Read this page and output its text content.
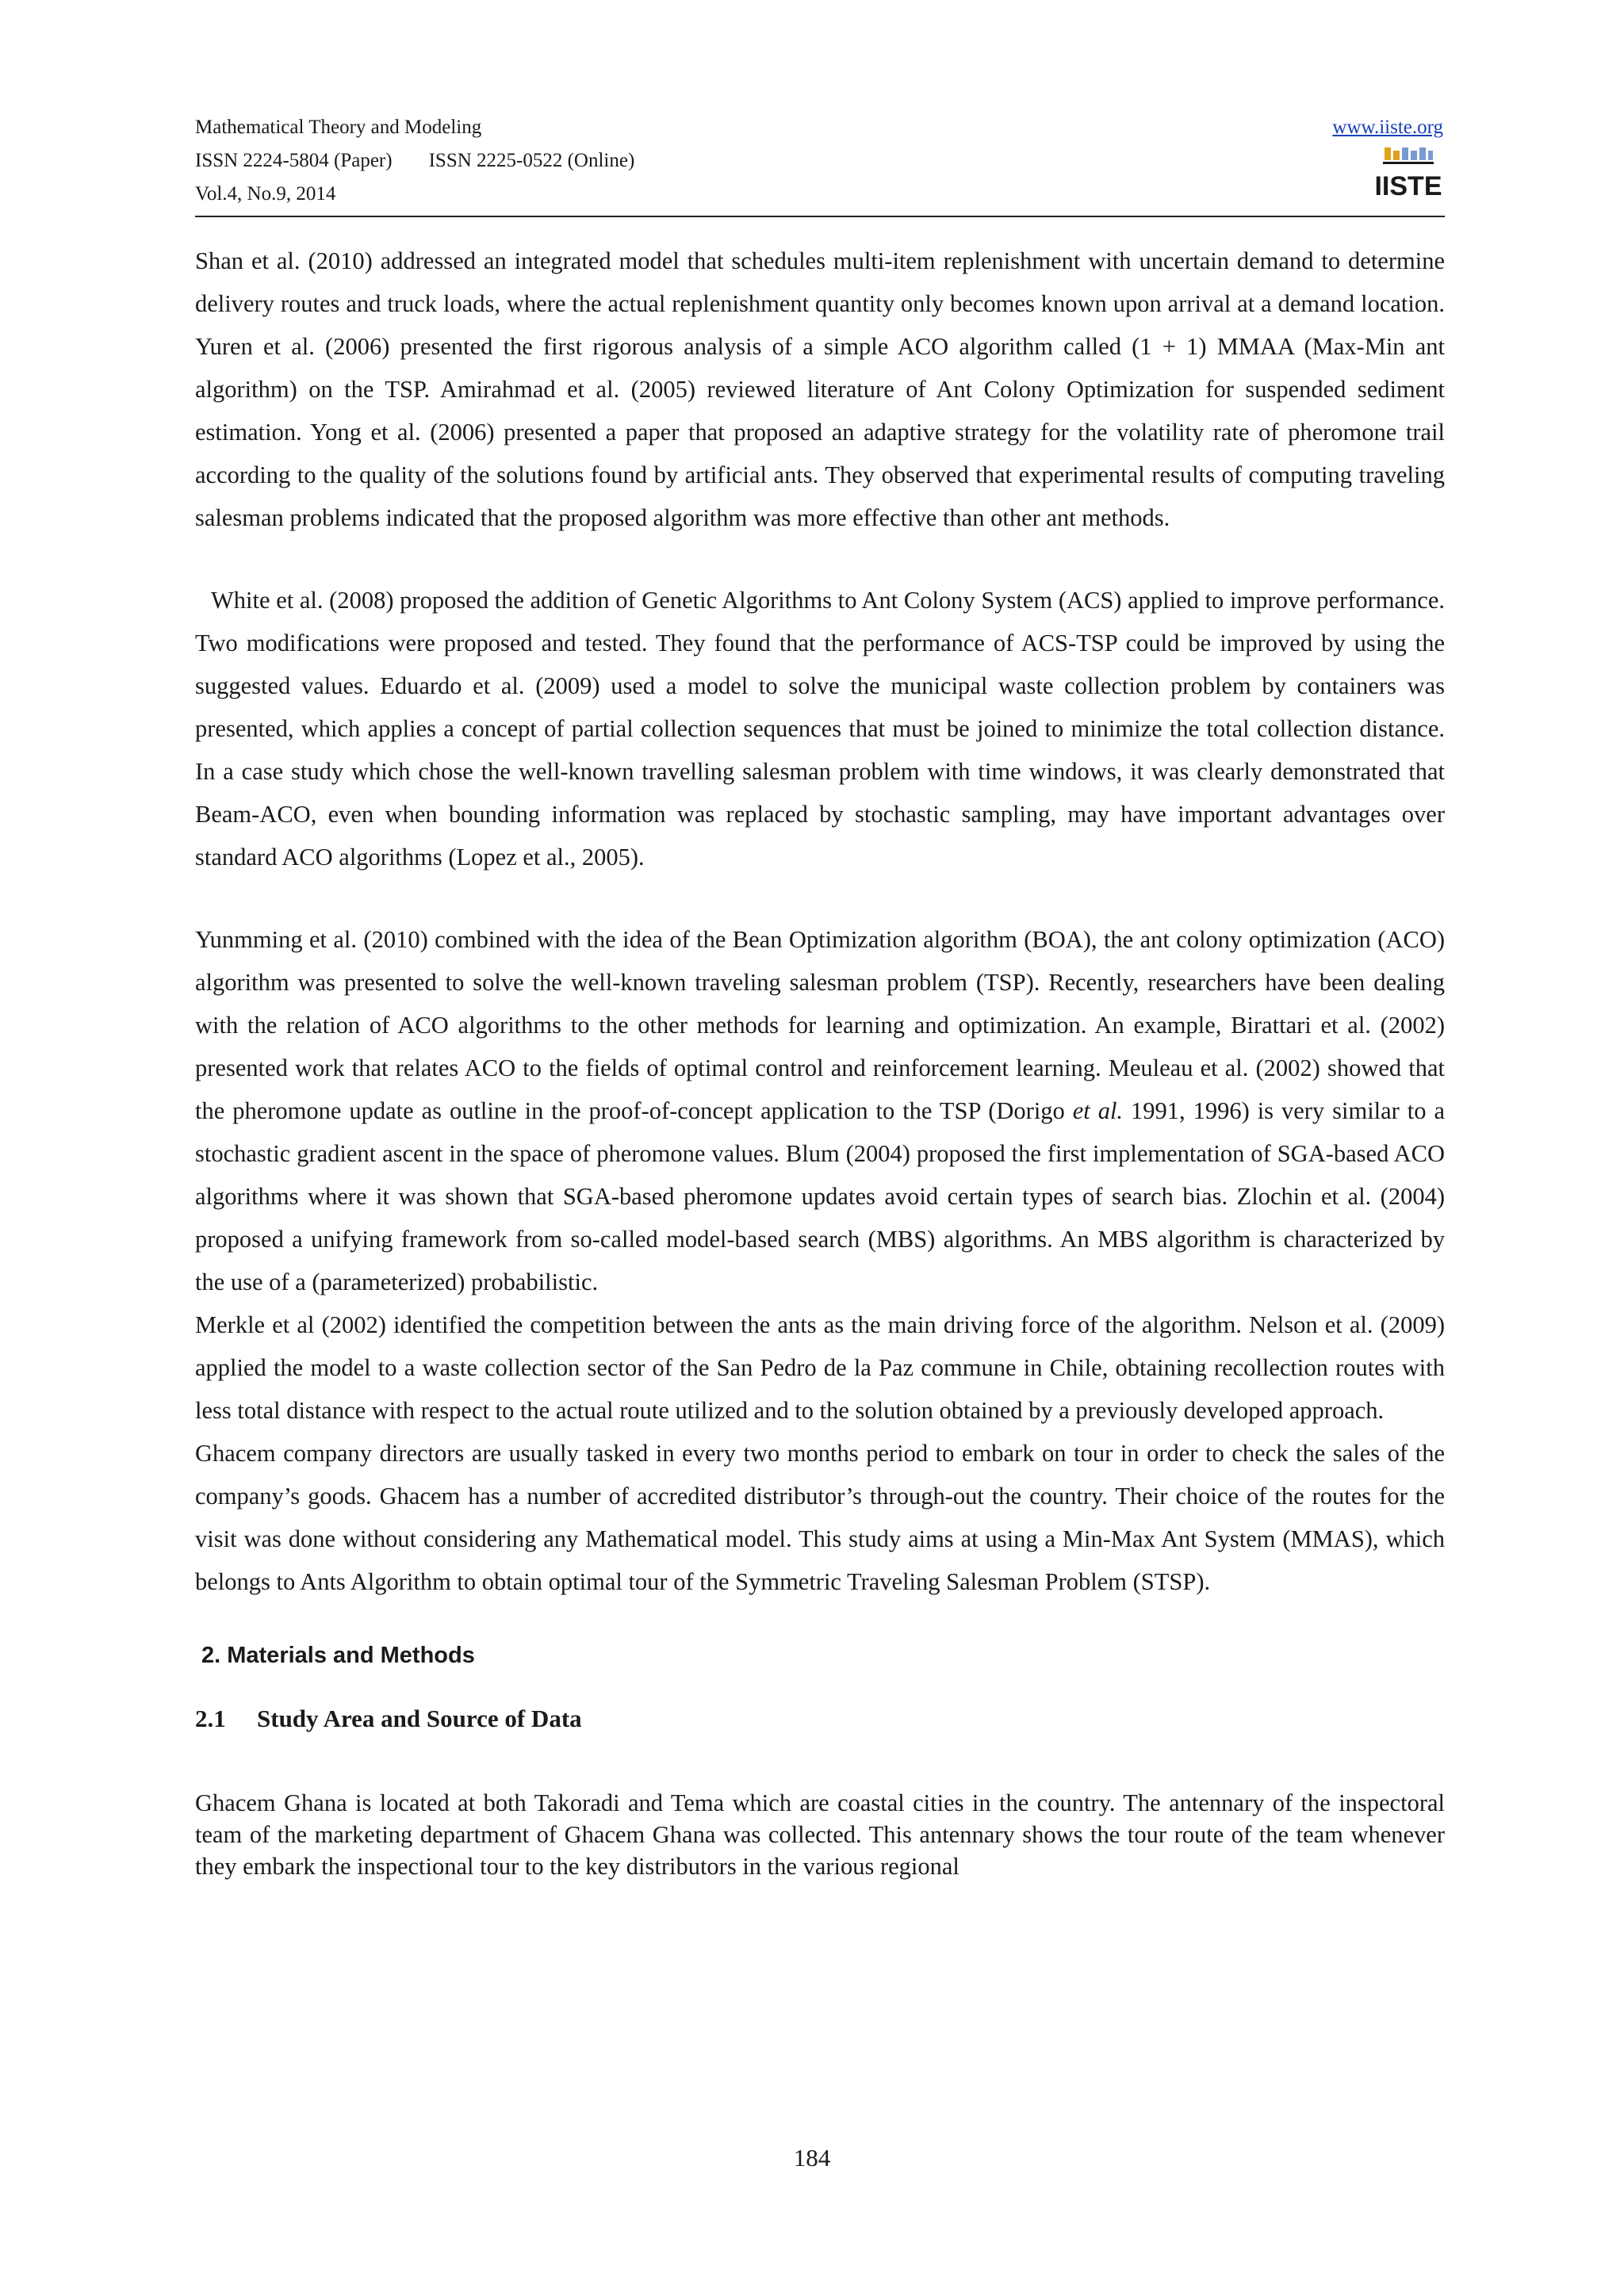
Mathematical Theory and Modeling
ISSN 2224-5804 (Paper) ISSN 2225-0522 (Online)
Vol.4, No.9, 2014
www.iiste.org
IISTE

Shan et al. (2010) addressed an integrated model that schedules multi-item replenishment with uncertain demand to determine delivery routes and truck loads, where the actual replenishment quantity only becomes known upon arrival at a demand location. Yuren et al. (2006) presented the first rigorous analysis of a simple ACO algorithm called (1 + 1) MMAA (Max-Min ant algorithm) on the TSP. Amirahmad et al. (2005) reviewed literature of Ant Colony Optimization for suspended sediment estimation. Yong et al. (2006) presented a paper that proposed an adaptive strategy for the volatility rate of pheromone trail according to the quality of the solutions found by artificial ants. They observed that experimental results of computing traveling salesman problems indicated that the proposed algorithm was more effective than other ant methods.

White et al. (2008) proposed the addition of Genetic Algorithms to Ant Colony System (ACS) applied to improve performance. Two modifications were proposed and tested. They found that the performance of ACS-TSP could be improved by using the suggested values. Eduardo et al. (2009) used a model to solve the municipal waste collection problem by containers was presented, which applies a concept of partial collection sequences that must be joined to minimize the total collection distance. In a case study which chose the well-known travelling salesman problem with time windows, it was clearly demonstrated that Beam-ACO, even when bounding information was replaced by stochastic sampling, may have important advantages over standard ACO algorithms (Lopez et al., 2005).

Yunmming et al. (2010) combined with the idea of the Bean Optimization algorithm (BOA), the ant colony optimization (ACO) algorithm was presented to solve the well-known traveling salesman problem (TSP). Recently, researchers have been dealing with the relation of ACO algorithms to the other methods for learning and optimization. An example, Birattari et al. (2002) presented work that relates ACO to the fields of optimal control and reinforcement learning. Meuleau et al. (2002) showed that the pheromone update as outline in the proof-of-concept application to the TSP (Dorigo et al. 1991, 1996) is very similar to a stochastic gradient ascent in the space of pheromone values. Blum (2004) proposed the first implementation of SGA-based ACO algorithms where it was shown that SGA-based pheromone updates avoid certain types of search bias. Zlochin et al. (2004) proposed a unifying framework from so-called model-based search (MBS) algorithms. An MBS algorithm is characterized by the use of a (parameterized) probabilistic.

Merkle et al (2002) identified the competition between the ants as the main driving force of the algorithm. Nelson et al. (2009) applied the model to a waste collection sector of the San Pedro de la Paz commune in Chile, obtaining recollection routes with less total distance with respect to the actual route utilized and to the solution obtained by a previously developed approach.

Ghacem company directors are usually tasked in every two months period to embark on tour in order to check the sales of the company’s goods. Ghacem has a number of accredited distributor’s through-out the country. Their choice of the routes for the visit was done without considering any Mathematical model. This study aims at using a Min-Max Ant System (MMAS), which belongs to Ants Algorithm to obtain optimal tour of the Symmetric Traveling Salesman Problem (STSP).

2. Materials and Methods
2.1 Study Area and Source of Data

Ghacem Ghana is located at both Takoradi and Tema which are coastal cities in the country. The antennary of the inspectoral team of the marketing department of Ghacem Ghana was collected. This antennary shows the tour route of the team whenever they embark the inspectional tour to the key distributors in the various regional

184
